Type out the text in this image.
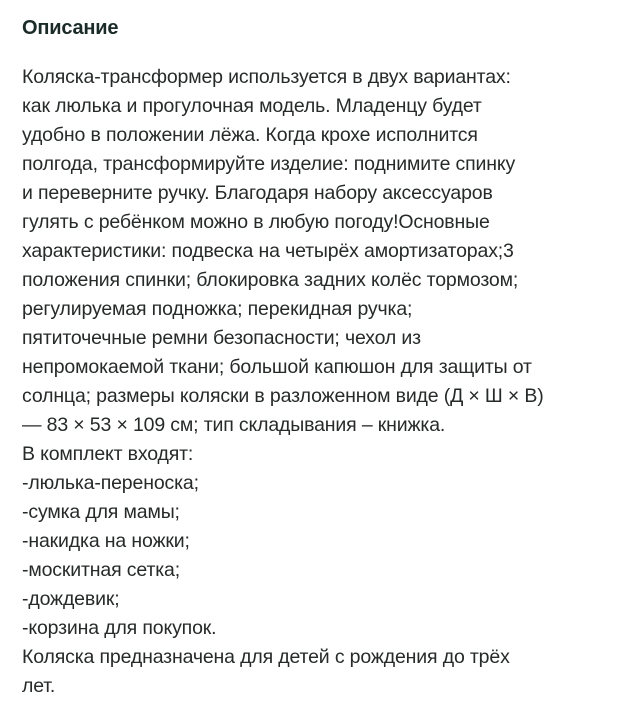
Описание
Коляска-трансформер используется в двух вариантах:
как люлька и прогулочная модель. Младенцу будет
удобно в положении лёжа. Когда крохе исполнится
полгода, трансформируйте изделие: поднимите спинку
и переверните ручку. Благодаря набору аксессуаров
гулять с ребёнком можно в любую погоду!Основные
характеристики: подвеска на четырёх амортизаторах;3
положения спинки; блокировка задних колёс тормозом;
регулируемая подножка; перекидная ручка;
пятиточечные ремни безопасности; чехол из
непромокаемой ткани; большой капюшон для защиты от
солнца; размеры коляски в разложенном виде (Д × Ш × В)
— 83 × 53 × 109 см; тип складывания – книжка.
В комплект входят:
-люлька-переноска;
-сумка для мамы;
-накидка на ножки;
-москитная сетка;
-дождевик;
-корзина для покупок.
Коляска предназначена для детей с рождения до трёх
лет.
